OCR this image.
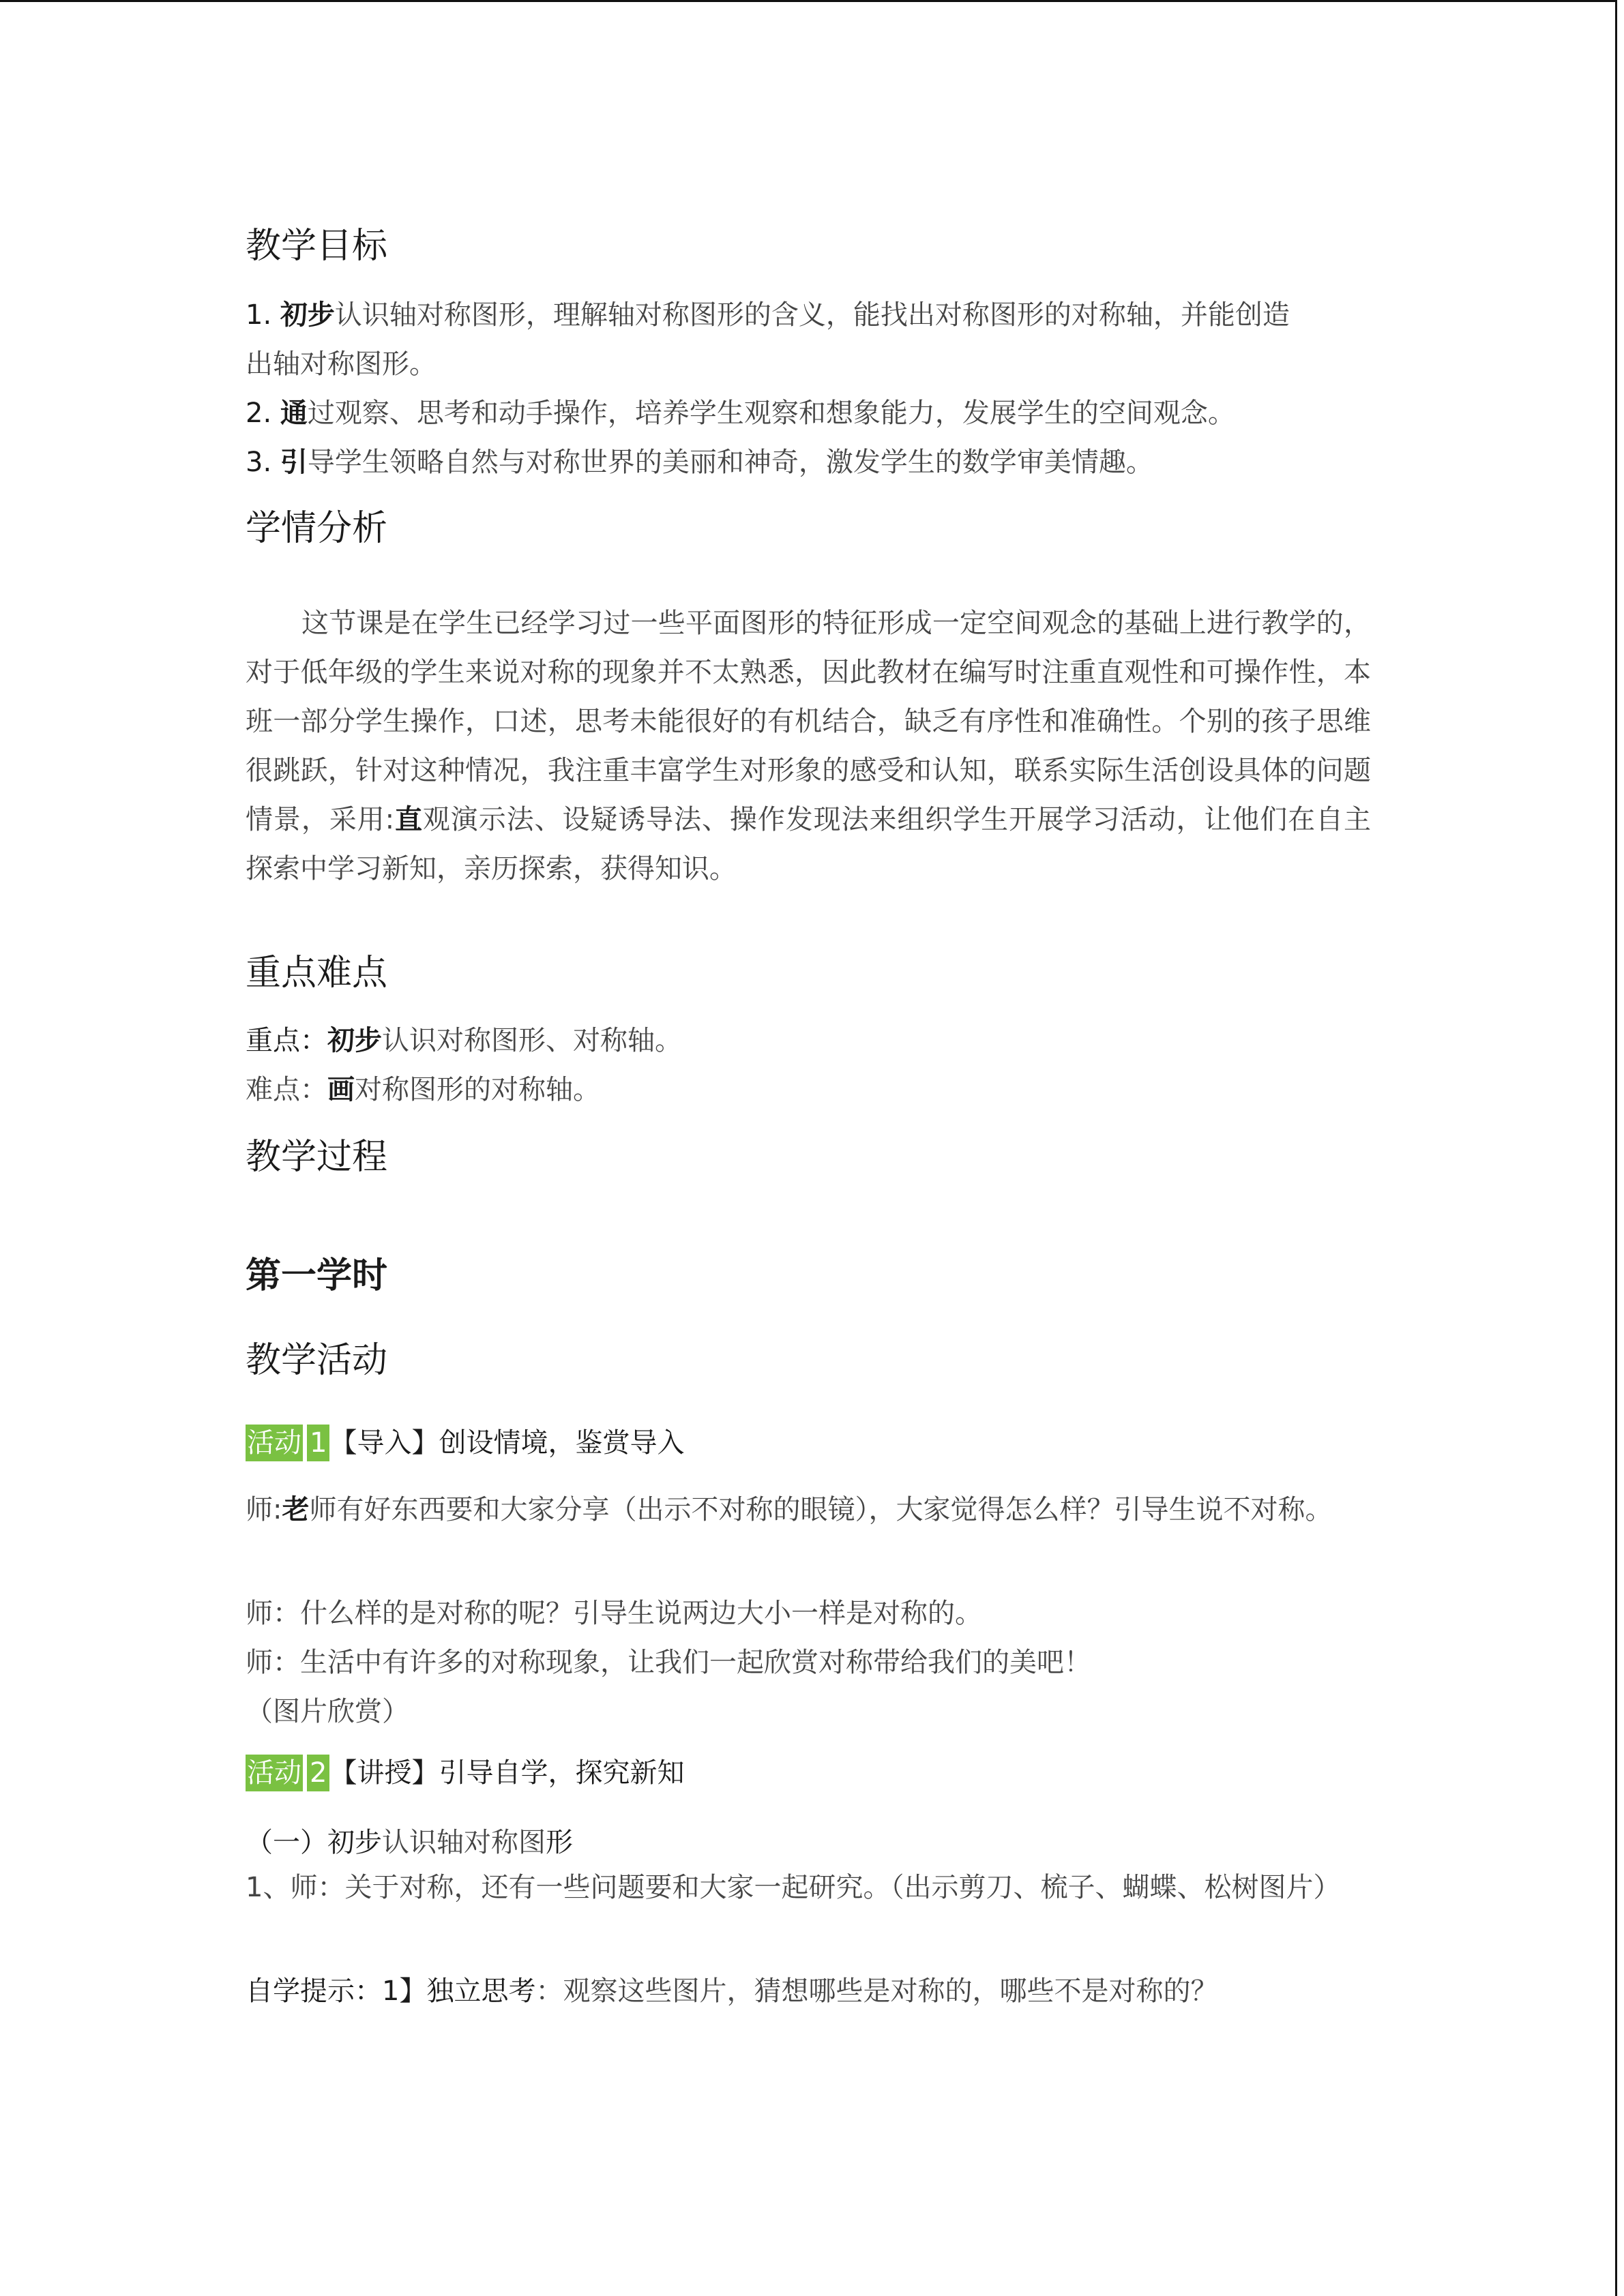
教学目标
1. 初步认识轴对称图形，理解轴对称图形的含义，能找出对称图形的对称轴，并能创造
出轴对称图形。
2. 通过观察、思考和动手操作，培养学生观察和想象能力，发展学生的空间观念。
3. 引导学生领略自然与对称世界的美丽和神奇，激发学生的数学审美情趣。
学情分析
这节课是在学生已经学习过一些平面图形的特征形成一定空间观念的基础上进行教学的，对于低年级的学生来说对称的现象并不太熟悉，因此教材在编写时注重直观性和可操作性，本班一部分学生操作，口述，思考未能很好的有机结合，缺乏有序性和准确性。个别的孩子思维很跳跃，针对这种情况，我注重丰富学生对形象的感受和认知，联系实际生活创设具体的问题情景，采用:直观演示法、设疑诱导法、操作发现法来组织学生开展学习活动，让他们在自主探索中学习新知，亲历探索，获得知识。
重点难点
重点：初步认识对称图形、对称轴。
难点：画对称图形的对称轴。
教学过程
第一学时
教学活动
活动 1 【导入】创设情境，鉴赏导入
师:老师有好东西要和大家分享（出示不对称的眼镜），大家觉得怎么样？引导生说不对称。
师：什么样的是对称的呢？引导生说两边大小一样是对称的。
师：生活中有许多的对称现象，让我们一起欣赏对称带给我们的美吧！
（图片欣赏）
活动 2 【讲授】引导自学，探究新知
（一）初步认识轴对称图形
1、师：关于对称，还有一些问题要和大家一起研究。（出示剪刀、梳子、蝴蝶、松树图片）
自学提示：1】独立思考：观察这些图片，猜想哪些是对称的，哪些不是对称的？
